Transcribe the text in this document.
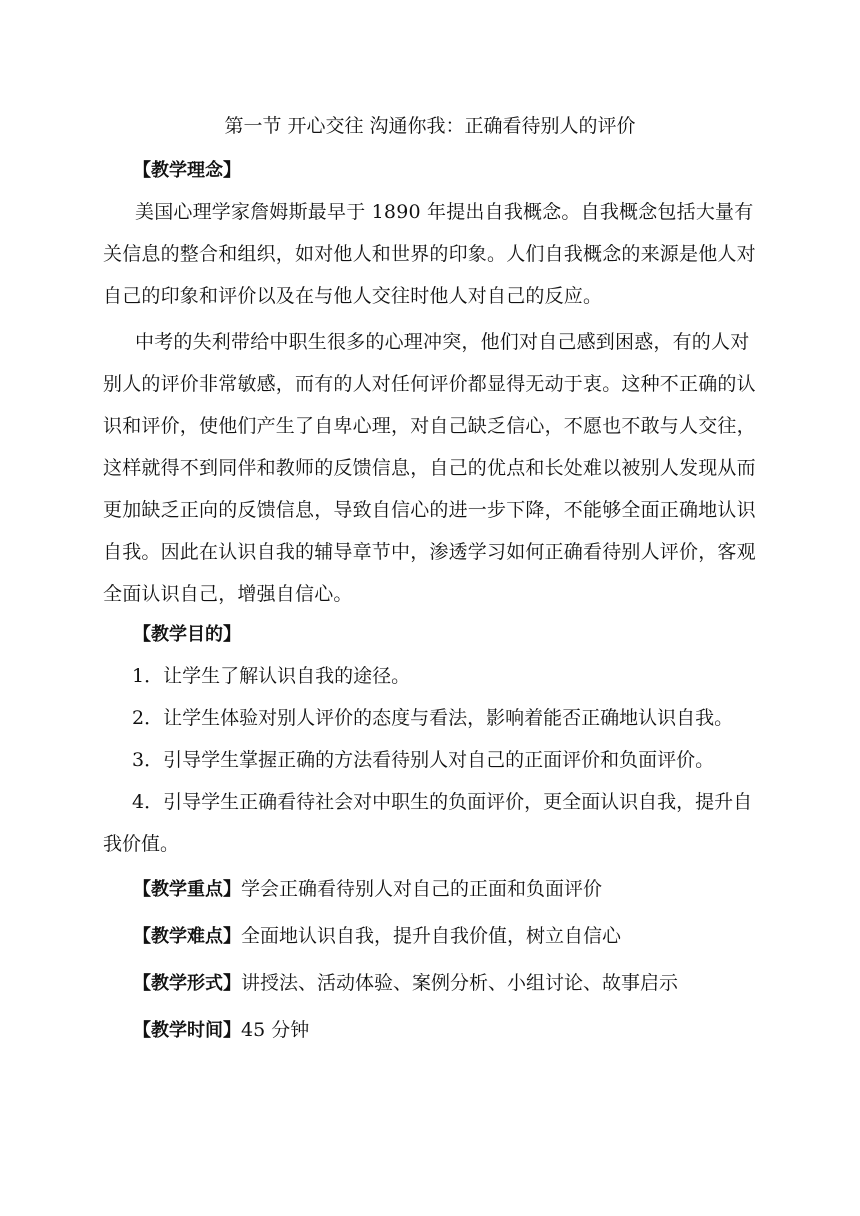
第一节 开心交往 沟通你我：正确看待别人的评价

【教学理念】

美国心理学家詹姆斯最早于 1890 年提出自我概念。自我概念包括大量有关信息的整合和组织，如对他人和世界的印象。人们自我概念的来源是他人对自己的印象和评价以及在与他人交往时他人对自己的反应。

中考的失利带给中职生很多的心理冲突，他们对自己感到困惑，有的人对别人的评价非常敏感，而有的人对任何评价都显得无动于衷。这种不正确的认识和评价，使他们产生了自卑心理，对自己缺乏信心，不愿也不敢与人交往，这样就得不到同伴和教师的反馈信息，自己的优点和长处难以被别人发现从而更加缺乏正向的反馈信息，导致自信心的进一步下降，不能够全面正确地认识自我。因此在认识自我的辅导章节中，渗透学习如何正确看待别人评价，客观全面认识自己，增强自信心。

【教学目的】

1．让学生了解认识自我的途径。

2．让学生体验对别人评价的态度与看法，影响着能否正确地认识自我。

3．引导学生掌握正确的方法看待别人对自己的正面评价和负面评价。

4．引导学生正确看待社会对中职生的负面评价，更全面认识自我，提升自我价值。

【教学重点】学会正确看待别人对自己的正面和负面评价

【教学难点】全面地认识自我，提升自我价值，树立自信心

【教学形式】讲授法、活动体验、案例分析、小组讨论、故事启示

【教学时间】45 分钟
